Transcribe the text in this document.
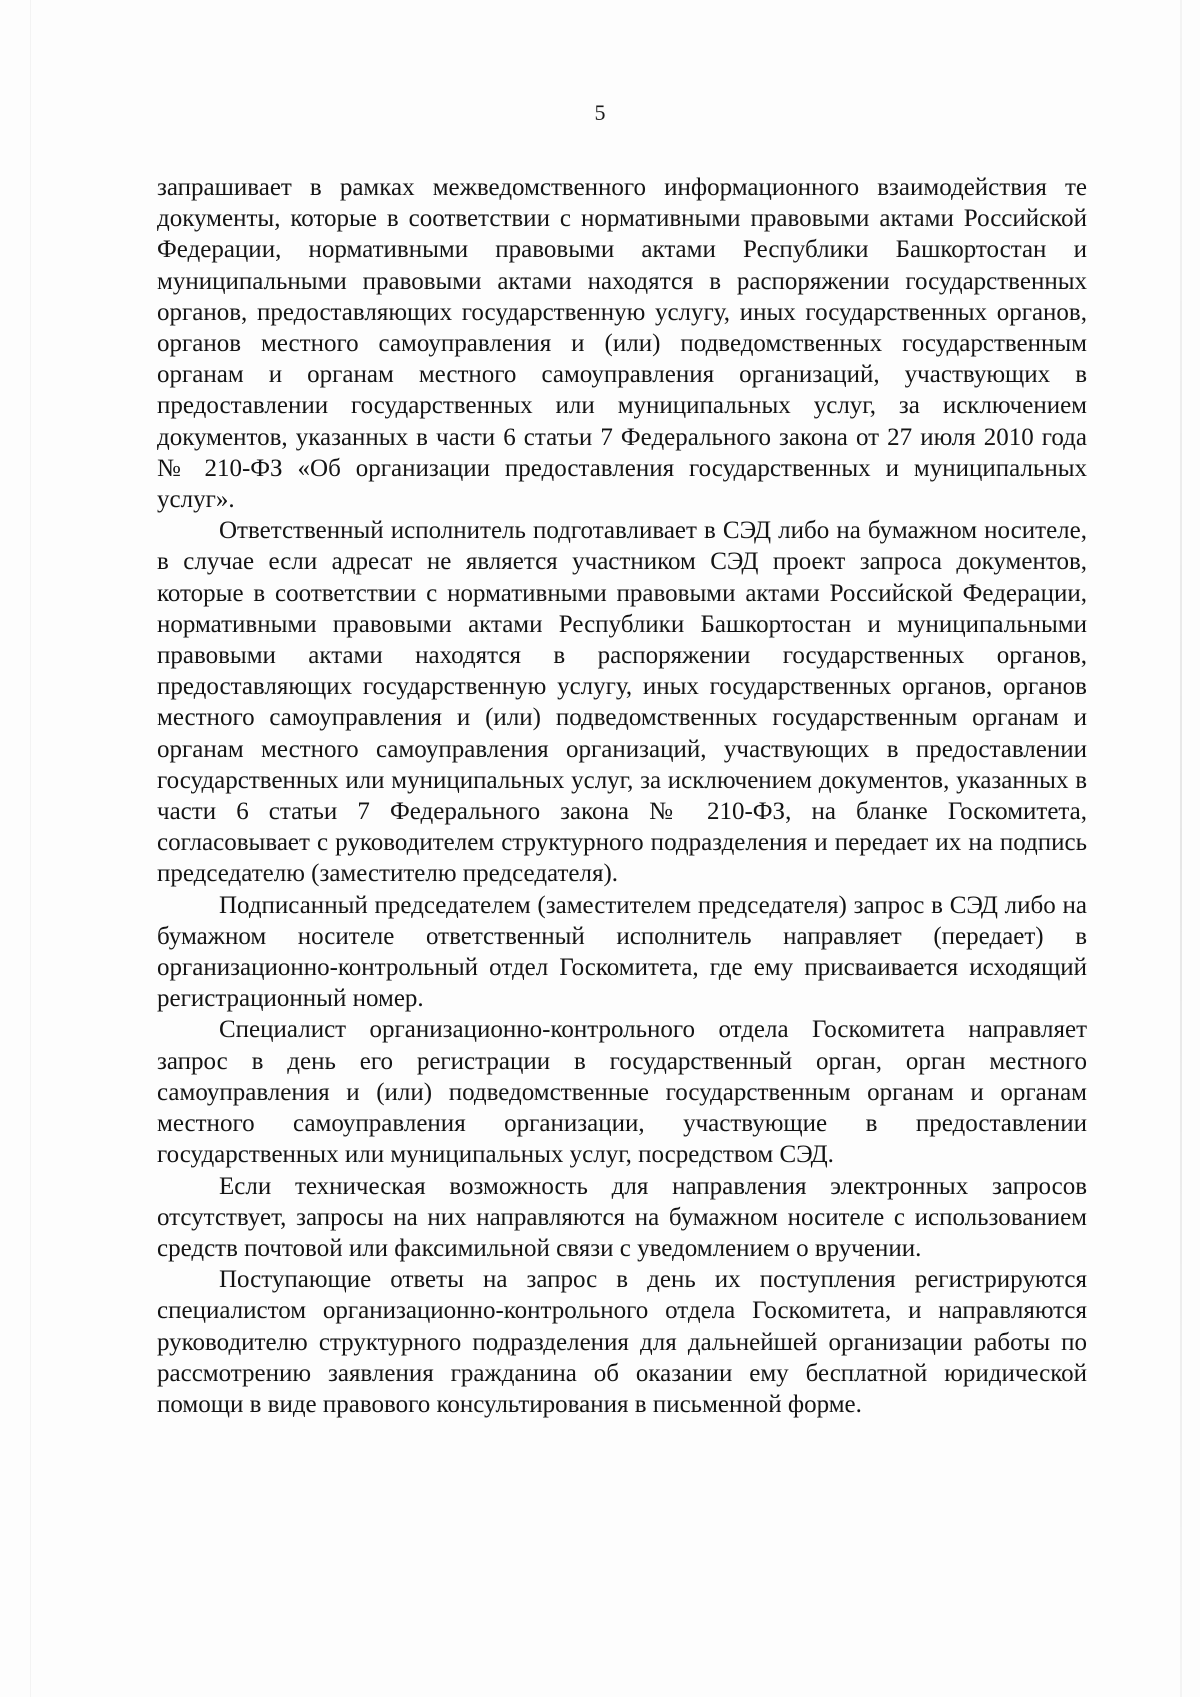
5

запрашивает в рамках межведомственного информационного взаимодействия те документы, которые в соответствии с нормативными правовыми актами Российской Федерации, нормативными правовыми актами Республики Башкортостан и муниципальными правовыми актами находятся в распоряжении государственных органов, предоставляющих государственную услугу, иных государственных органов, органов местного самоуправления и (или) подведомственных государственным органам и органам местного самоуправления организаций, участвующих в предоставлении государственных или муниципальных услуг, за исключением документов, указанных в части 6 статьи 7 Федерального закона от 27 июля 2010 года № 210-ФЗ «Об организации предоставления государственных и муниципальных услуг».

Ответственный исполнитель подготавливает в СЭД либо на бумажном носителе, в случае если адресат не является участником СЭД проект запроса документов, которые в соответствии с нормативными правовыми актами Российской Федерации, нормативными правовыми актами Республики Башкортостан и муниципальными правовыми актами находятся в распоряжении государственных органов, предоставляющих государственную услугу, иных государственных органов, органов местного самоуправления и (или) подведомственных государственным органам и органам местного самоуправления организаций, участвующих в предоставлении государственных или муниципальных услуг, за исключением документов, указанных в части 6 статьи 7 Федерального закона № 210-ФЗ, на бланке Госкомитета, согласовывает с руководителем структурного подразделения и передает их на подпись председателю (заместителю председателя).

Подписанный председателем (заместителем председателя) запрос в СЭД либо на бумажном носителе ответственный исполнитель направляет (передает) в организационно-контрольный отдел Госкомитета, где ему присваивается исходящий регистрационный номер.

Специалист организационно-контрольного отдела Госкомитета направляет запрос в день его регистрации в государственный орган, орган местного самоуправления и (или) подведомственные государственным органам и органам местного самоуправления организации, участвующие в предоставлении государственных или муниципальных услуг, посредством СЭД.

Если техническая возможность для направления электронных запросов отсутствует, запросы на них направляются на бумажном носителе с использованием средств почтовой или факсимильной связи с уведомлением о вручении.

Поступающие ответы на запрос в день их поступления регистрируются специалистом организационно-контрольного отдела Госкомитета, и направляются руководителю структурного подразделения для дальнейшей организации работы по рассмотрению заявления гражданина об оказании ему бесплатной юридической помощи в виде правового консультирования в письменной форме.
